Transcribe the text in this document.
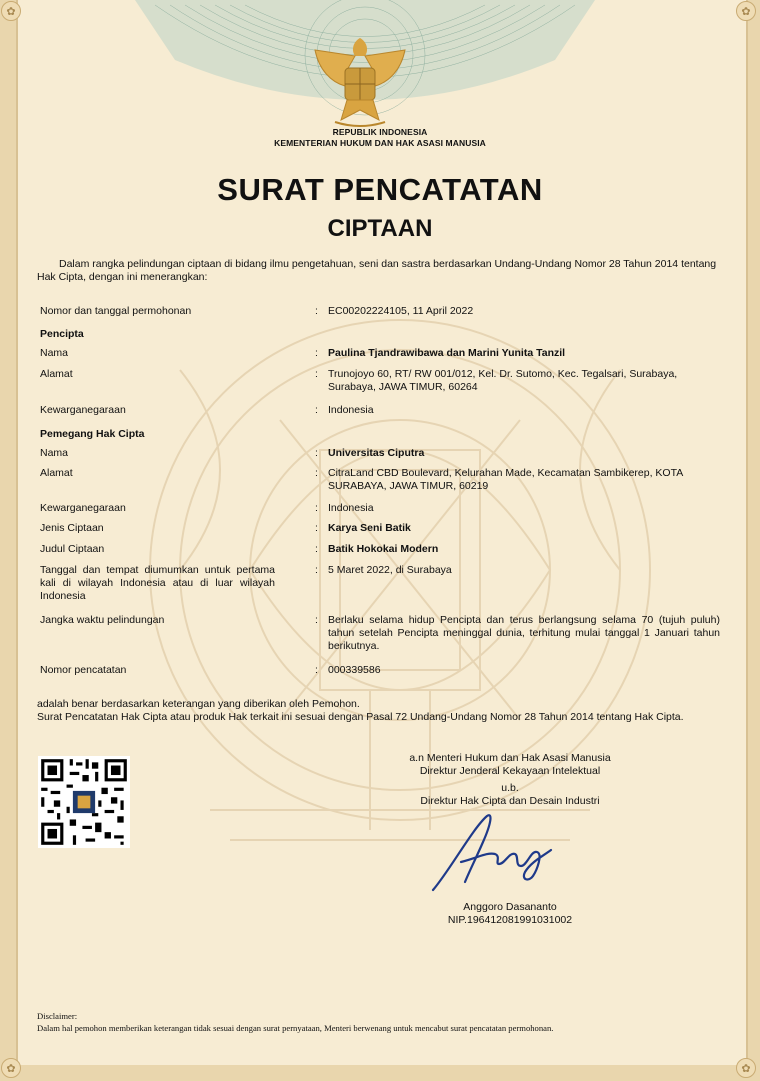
✿	✿
✿	✿
REPUBLIK INDONESIA
KEMENTERIAN HUKUM DAN HAK ASASI MANUSIA
SURAT PENCATATAN
CIPTAAN
Dalam rangka pelindungan ciptaan di bidang ilmu pengetahuan, seni dan sastra berdasarkan Undang-Undang Nomor 28 Tahun 2014 tentang Hak Cipta, dengan ini menerangkan:
Nomor dan tanggal permohonan	: EC00202224105, 11 April 2022
Pencipta
Nama	: Paulina Tjandrawibawa dan Marini Yunita Tanzil
Alamat	: Trunojoyo 60, RT/ RW 001/012, Kel. Dr. Sutomo, Kec. Tegalsari, Surabaya, Surabaya, JAWA TIMUR, 60264
Kewarganegaraan	: Indonesia
Pemegang Hak Cipta
Nama	: Universitas Ciputra
Alamat	: CitraLand CBD Boulevard, Kelurahan Made, Kecamatan Sambikerep, KOTA SURABAYA, JAWA TIMUR, 60219
Kewarganegaraan	: Indonesia
Jenis Ciptaan	: Karya Seni Batik
Judul Ciptaan	: Batik Hokokai Modern
Tanggal dan tempat diumumkan untuk pertama kali di wilayah Indonesia atau di luar wilayah Indonesia
: 5 Maret 2022, di Surabaya
Jangka waktu pelindungan	: Berlaku selama hidup Pencipta dan terus berlangsung selama 70 (tujuh puluh) tahun setelah Pencipta meninggal dunia, terhitung mulai tanggal 1 Januari tahun berikutnya.
Nomor pencatatan	: 000339586
adalah benar berdasarkan keterangan yang diberikan oleh Pemohon.
Surat Pencatatan Hak Cipta atau produk Hak terkait ini sesuai dengan Pasal 72 Undang-Undang Nomor 28 Tahun 2014 tentang Hak Cipta.
a.n Menteri Hukum dan Hak Asasi Manusia
Direktur Jenderal Kekayaan Intelektual
u.b.
Direktur Hak Cipta dan Desain Industri
Anggoro Dasananto
NIP.196412081991031002
Disclaimer:
Dalam hal pemohon memberikan keterangan tidak sesuai dengan surat pernyataan, Menteri berwenang untuk mencabut surat pencatatan permohonan.
